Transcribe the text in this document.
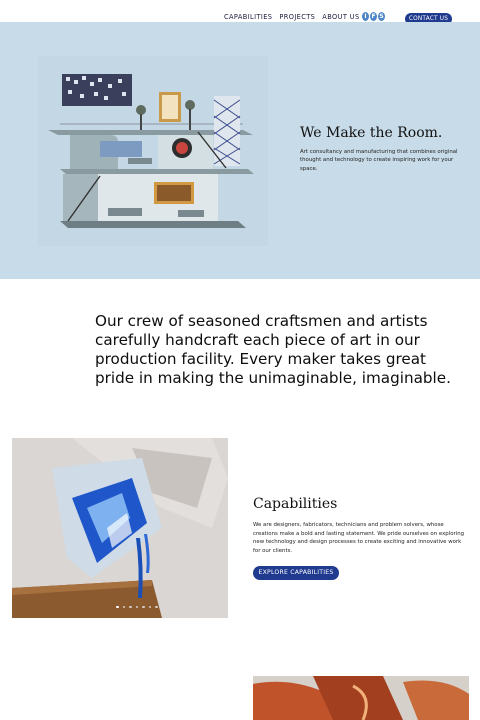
CAPABILITIES PROJECTS ABOUT US I F S	CONTACT US
We Make the Room.
Art consultancy and manufacturing that combines original thought and technology to create inspiring work for your space.
Our crew of seasoned craftsmen and artists carefully handcraft each piece of art in our production facility. Every maker takes great pride in making the unimaginable, imaginable.
Capabilities
We are designers, fabricators, technicians and problem solvers, whose creations make a bold and lasting statement. We pride ourselves on exploring new technology and design processes to create exciting and innovative work for our clients.
EXPLORE CAPABILITIES
